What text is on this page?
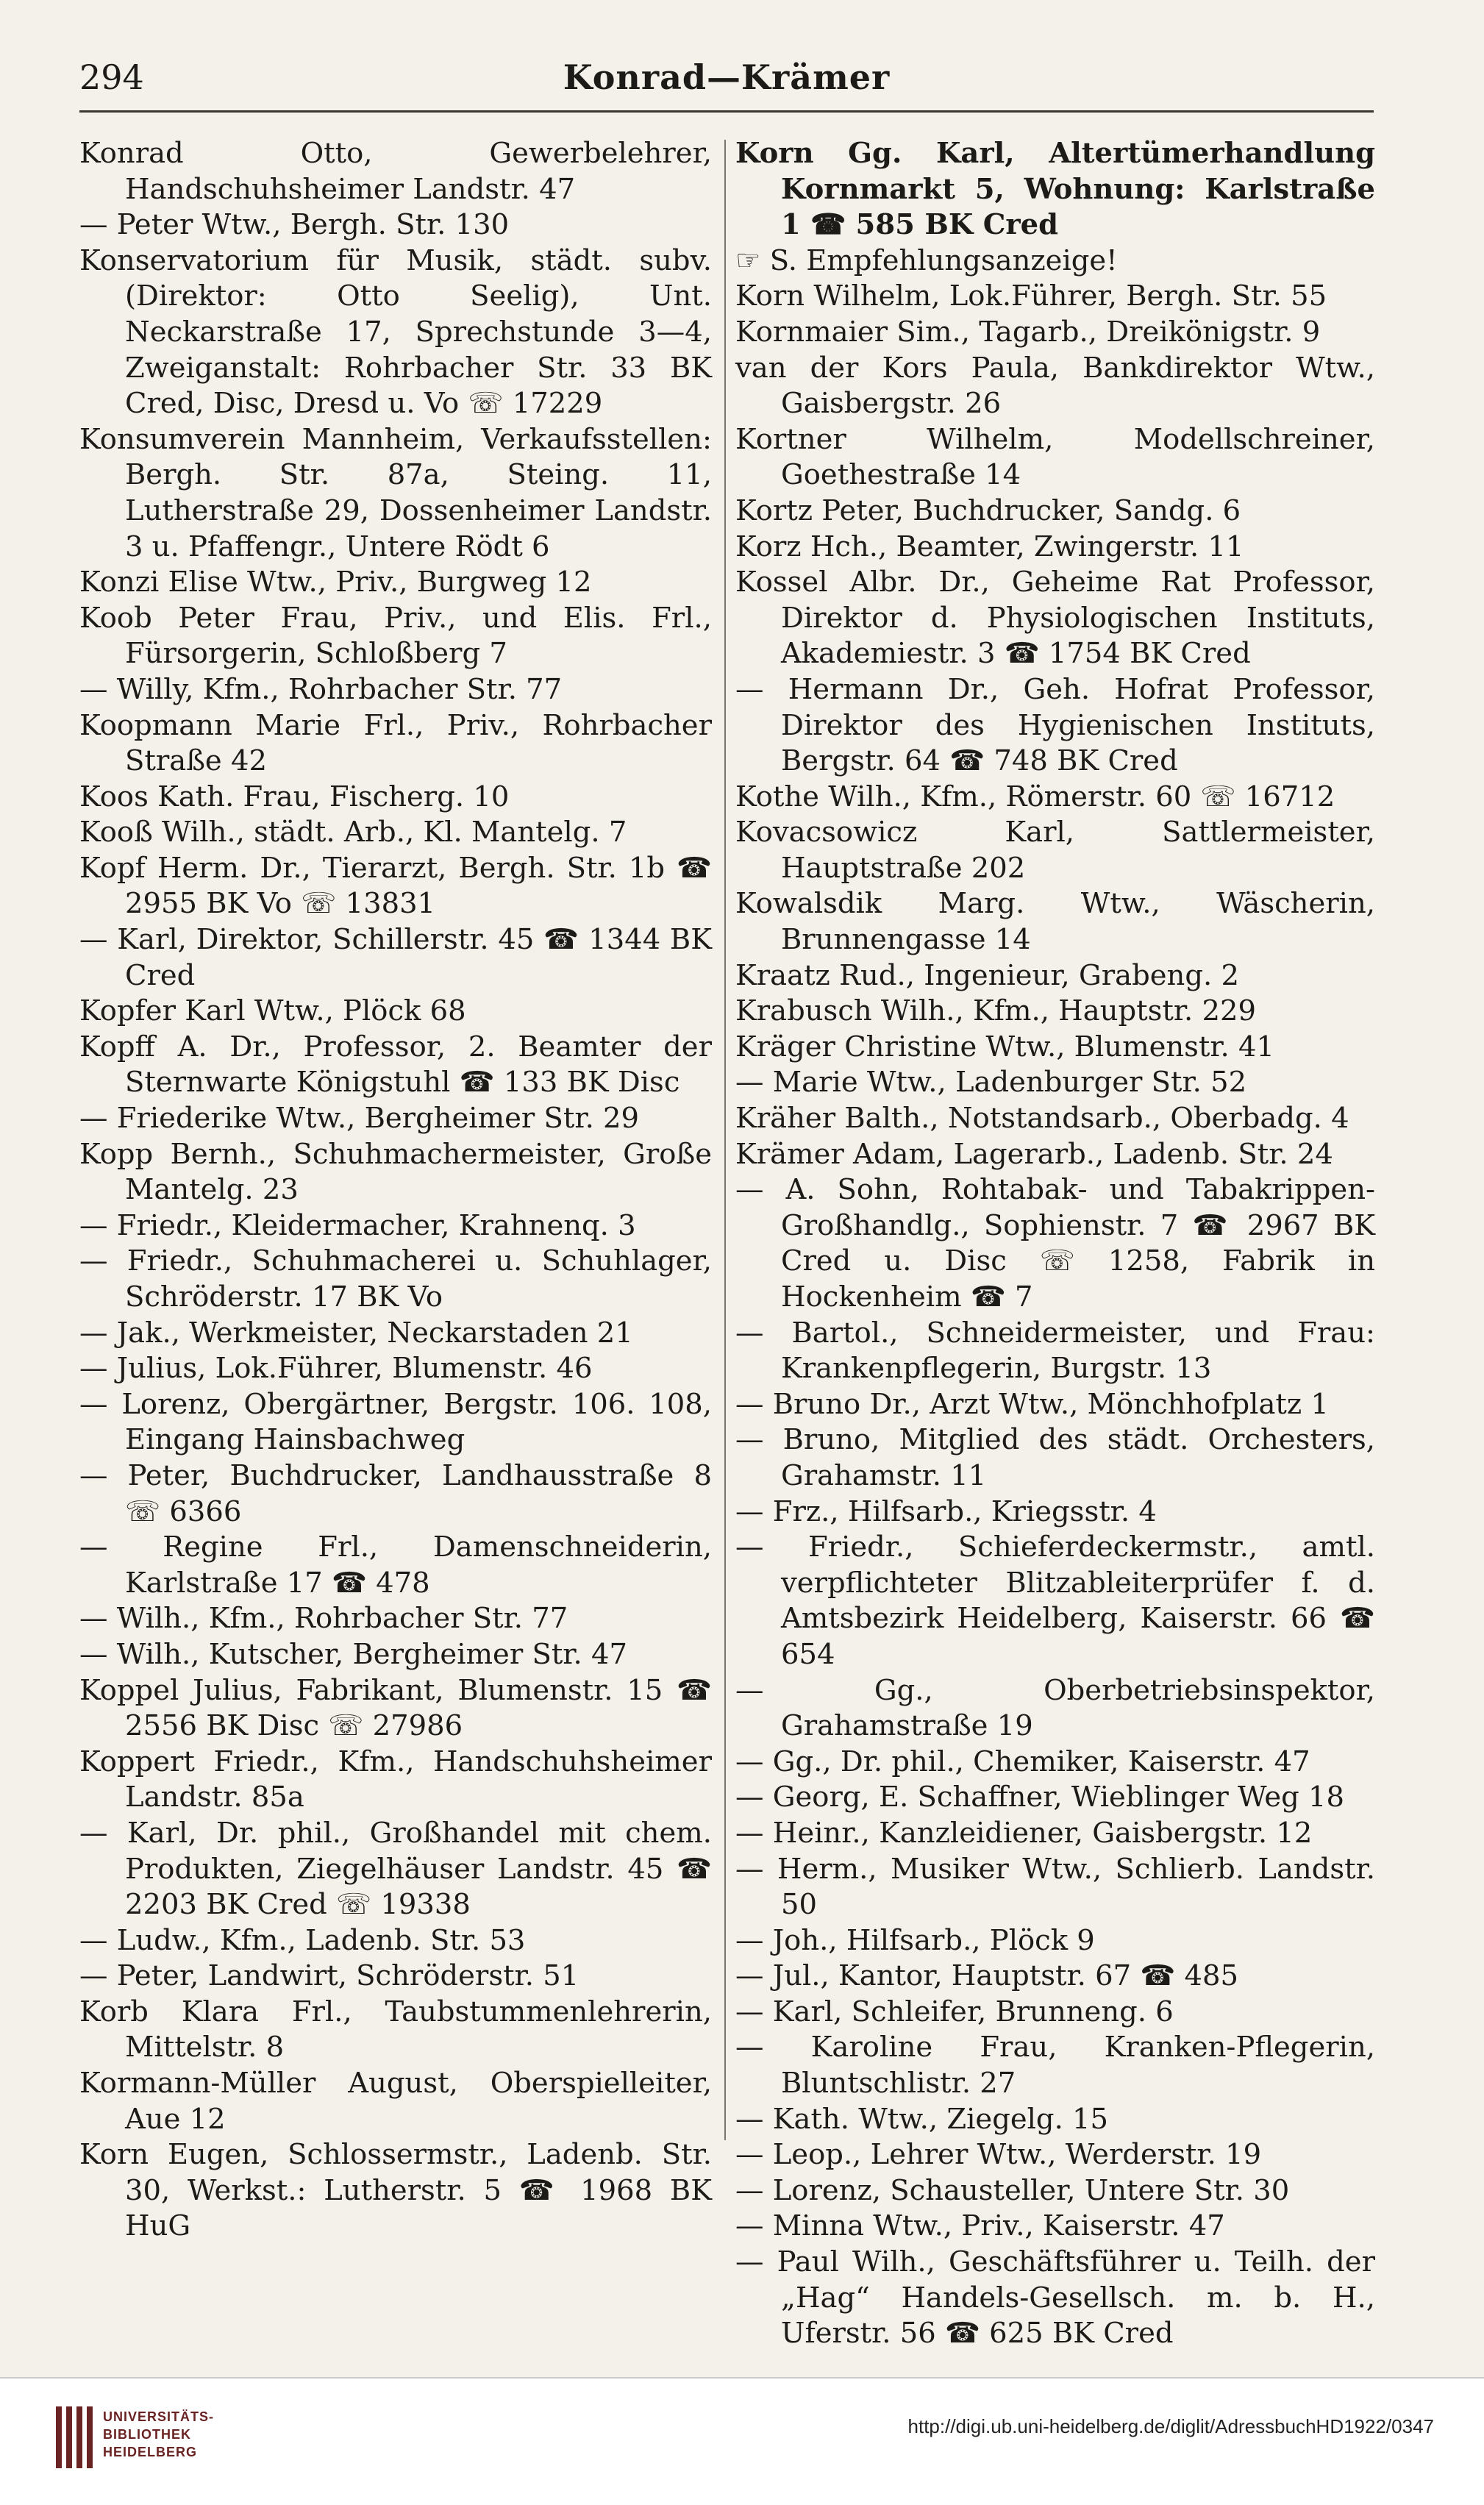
294	Konrad—Krämer

Konrad Otto, Gewerbelehrer, Handschuhsheimer Landstr. 47

— Peter Wtw., Bergh. Str. 130

Konservatorium für Musik, städt. subv. (Direktor: Otto Seelig), Unt. Neckarstraße 17, Sprechstunde 3—4, Zweiganstalt: Rohrbacher Str. 33 BK Cred, Disc, Dresd u. Vo ☏ 17229

Konsumverein Mannheim, Verkaufsstellen: Bergh. Str. 87a, Steing. 11, Lutherstraße 29, Dossenheimer Landstr. 3 u. Pfaffengr., Untere Rödt 6

Konzi Elise Wtw., Priv., Burgweg 12

Koob Peter Frau, Priv., und Elis. Frl., Fürsorgerin, Schloßberg 7

— Willy, Kfm., Rohrbacher Str. 77

Koopmann Marie Frl., Priv., Rohrbacher Straße 42

Koos Kath. Frau, Fischerg. 10

Kooß Wilh., städt. Arb., Kl. Mantelg. 7

Kopf Herm. Dr., Tierarzt, Bergh. Str. 1b ☎ 2955 BK Vo ☏ 13831

— Karl, Direktor, Schillerstr. 45 ☎ 1344 BK Cred

Kopfer Karl Wtw., Plöck 68

Kopff A. Dr., Professor, 2. Beamter der Sternwarte Königstuhl ☎ 133 BK Disc

— Friederike Wtw., Bergheimer Str. 29

Kopp Bernh., Schuhmachermeister, Große Mantelg. 23

— Friedr., Kleidermacher, Krahnenq. 3

— Friedr., Schuhmacherei u. Schuhlager, Schröderstr. 17 BK Vo

— Jak., Werkmeister, Neckarstaden 21

— Julius, Lok.Führer, Blumenstr. 46

— Lorenz, Obergärtner, Bergstr. 106. 108, Eingang Hainsbachweg

— Peter, Buchdrucker, Landhausstraße 8 ☏ 6366

— Regine Frl., Damenschneiderin, Karlstraße 17 ☎ 478

— Wilh., Kfm., Rohrbacher Str. 77

— Wilh., Kutscher, Bergheimer Str. 47

Koppel Julius, Fabrikant, Blumenstr. 15 ☎ 2556 BK Disc ☏ 27986

Koppert Friedr., Kfm., Handschuhsheimer Landstr. 85a

— Karl, Dr. phil., Großhandel mit chem. Produkten, Ziegelhäuser Landstr. 45 ☎ 2203 BK Cred ☏ 19338

— Ludw., Kfm., Ladenb. Str. 53

— Peter, Landwirt, Schröderstr. 51

Korb Klara Frl., Taubstummenlehrerin, Mittelstr. 8

Kormann-Müller August, Oberspielleiter, Aue 12

Korn Eugen, Schlossermstr., Ladenb. Str. 30, Werkst.: Lutherstr. 5 ☎ 1968 BK HuG

Korn Gg. Karl, Altertümerhandlung Kornmarkt 5, Wohnung: Karlstraße 1 ☎ 585 BK Cred

☞ S. Empfehlungsanzeige!

Korn Wilhelm, Lok.Führer, Bergh. Str. 55

Kornmaier Sim., Tagarb., Dreikönigstr. 9

van der Kors Paula, Bankdirektor Wtw., Gaisbergstr. 26

Kortner Wilhelm, Modellschreiner, Goethestraße 14

Kortz Peter, Buchdrucker, Sandg. 6

Korz Hch., Beamter, Zwingerstr. 11

Kossel Albr. Dr., Geheime Rat Professor, Direktor d. Physiologischen Instituts, Akademiestr. 3 ☎ 1754 BK Cred

— Hermann Dr., Geh. Hofrat Professor, Direktor des Hygienischen Instituts, Bergstr. 64 ☎ 748 BK Cred

Kothe Wilh., Kfm., Römerstr. 60 ☏ 16712

Kovacsowicz Karl, Sattlermeister, Hauptstraße 202

Kowalsdik Marg. Wtw., Wäscherin, Brunnengasse 14

Kraatz Rud., Ingenieur, Grabeng. 2

Krabusch Wilh., Kfm., Hauptstr. 229

Kräger Christine Wtw., Blumenstr. 41

— Marie Wtw., Ladenburger Str. 52

Kräher Balth., Notstandsarb., Oberbadg. 4

Krämer Adam, Lagerarb., Ladenb. Str. 24

— A. Sohn, Rohtabak- und Tabakrippen-Großhandlg., Sophienstr. 7 ☎ 2967 BK Cred u. Disc ☏ 1258, Fabrik in Hockenheim ☎ 7

— Bartol., Schneidermeister, und Frau: Krankenpflegerin, Burgstr. 13

— Bruno Dr., Arzt Wtw., Mönchhofplatz 1

— Bruno, Mitglied des städt. Orchesters, Grahamstr. 11

— Frz., Hilfsarb., Kriegsstr. 4

— Friedr., Schieferdeckermstr., amtl. verpflichteter Blitzableiterprüfer f. d. Amtsbezirk Heidelberg, Kaiserstr. 66 ☎ 654

— Gg., Oberbetriebsinspektor, Grahamstraße 19

— Gg., Dr. phil., Chemiker, Kaiserstr. 47

— Georg, E. Schaffner, Wieblinger Weg 18

— Heinr., Kanzleidiener, Gaisbergstr. 12

— Herm., Musiker Wtw., Schlierb. Landstr. 50

— Joh., Hilfsarb., Plöck 9

— Jul., Kantor, Hauptstr. 67 ☎ 485

— Karl, Schleifer, Brunneng. 6

— Karoline Frau, Kranken-Pflegerin, Bluntschlistr. 27

— Kath. Wtw., Ziegelg. 15

— Leop., Lehrer Wtw., Werderstr. 19

— Lorenz, Schausteller, Untere Str. 30

— Minna Wtw., Priv., Kaiserstr. 47

— Paul Wilh., Geschäftsführer u. Teilh. der „Hag“ Handels-Gesellsch. m. b. H., Uferstr. 56 ☎ 625 BK Cred

UNIVERSITÄTS-
BIBLIOTHEK
HEIDELBERG
http://digi.ub.uni-heidelberg.de/diglit/AdressbuchHD1922/0347
